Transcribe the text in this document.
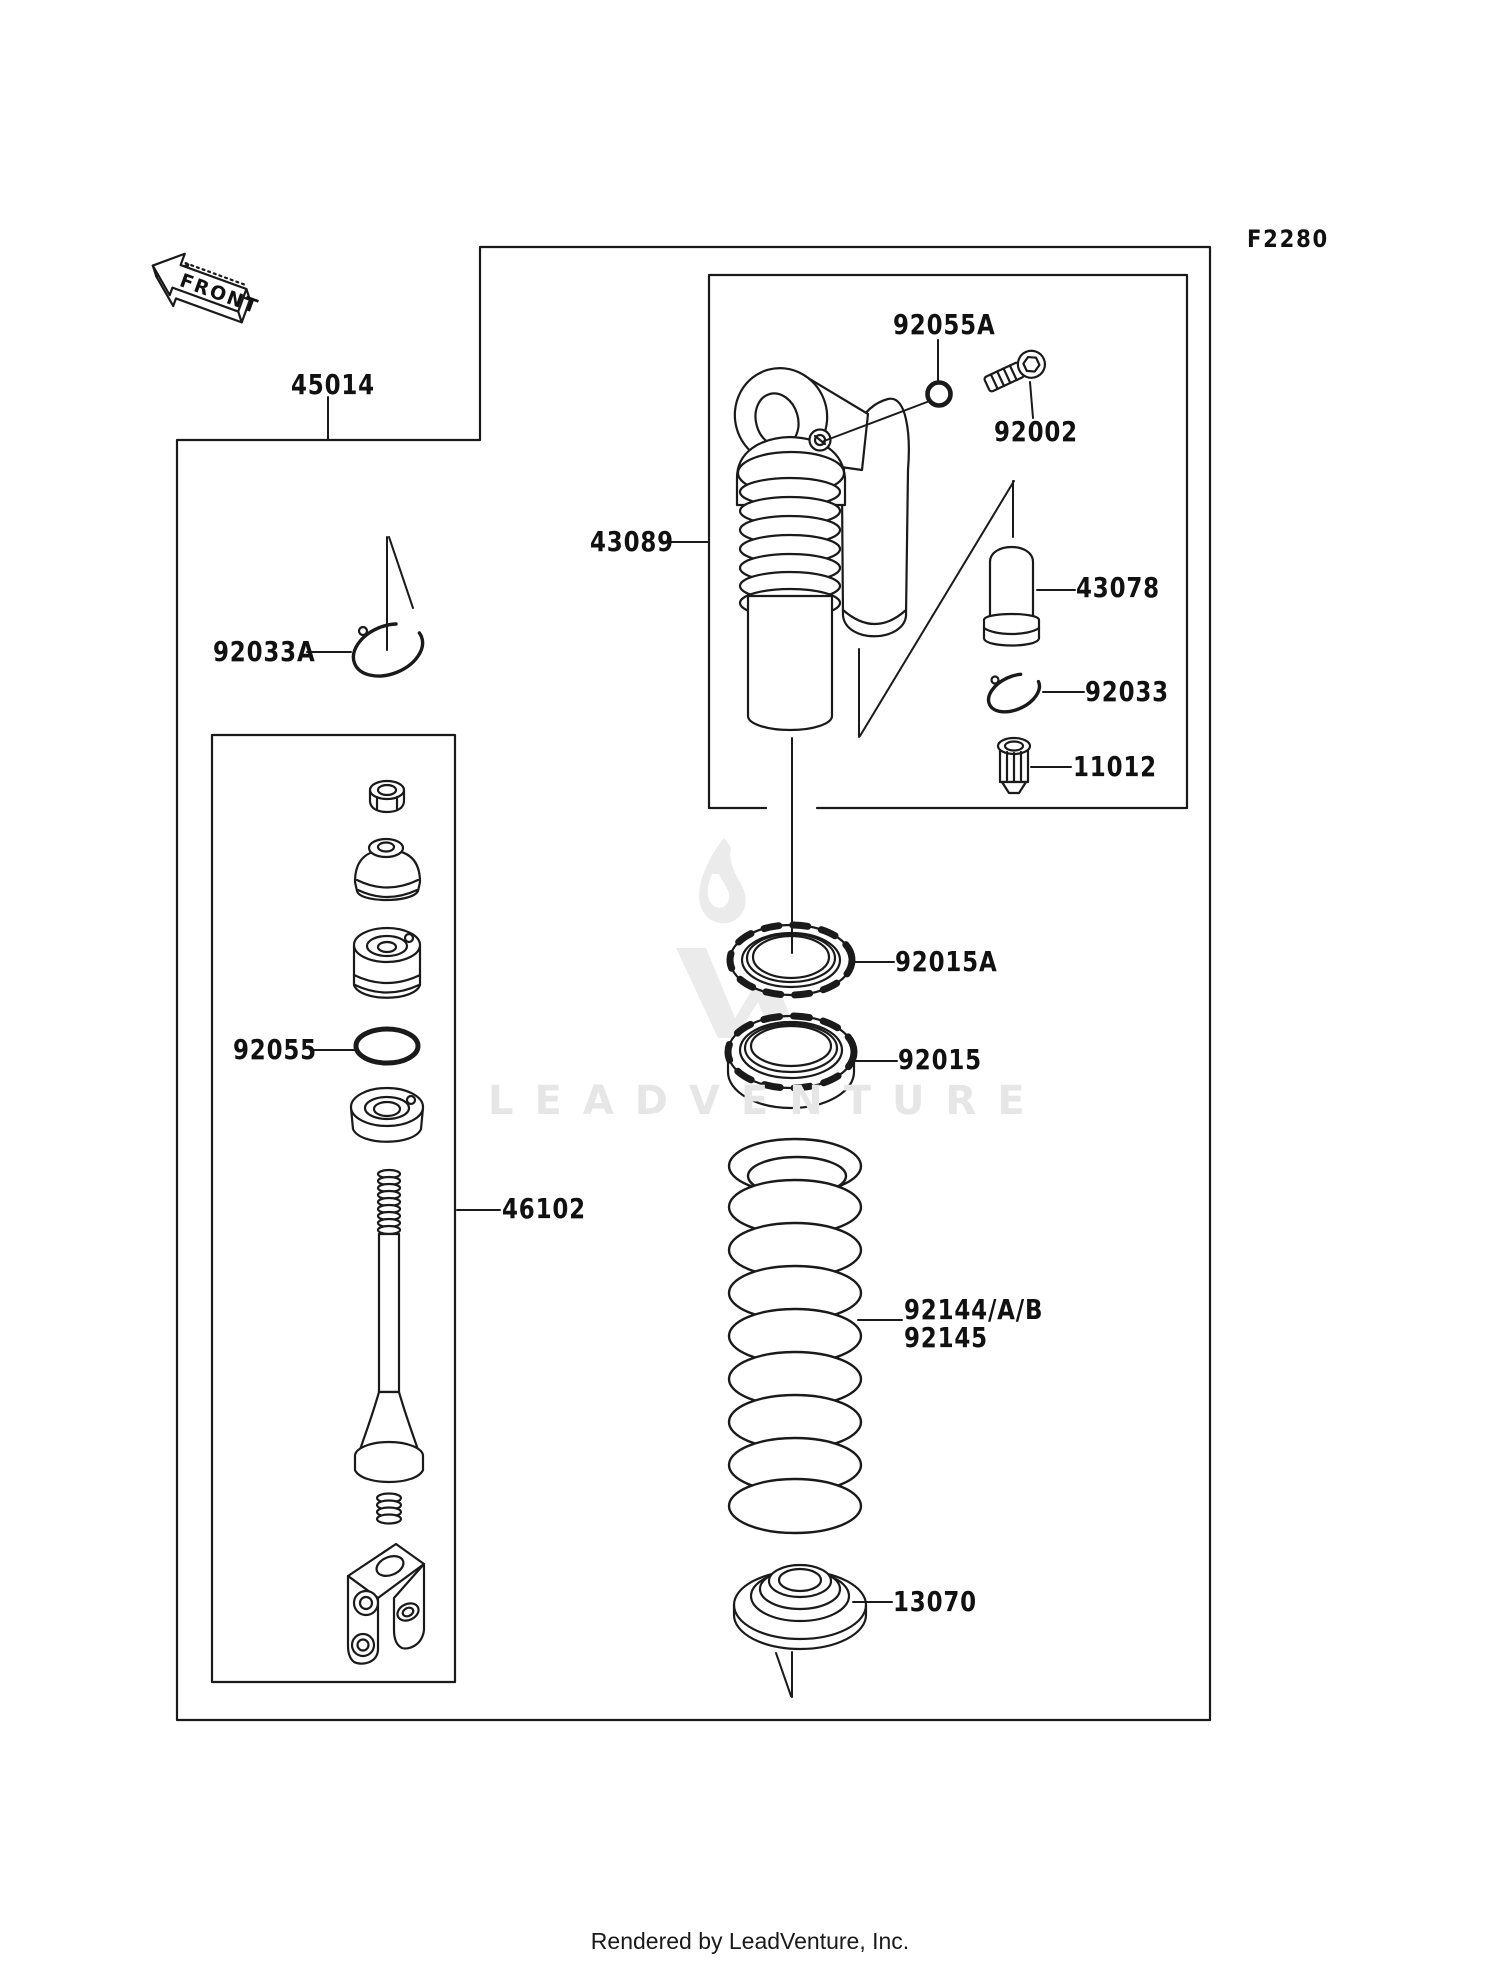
FRONT
F2280
45014
43089
92055A
92002
43078
92033
11012
92015A
92015
92144/A/B
92145
13070
92033A
92055
46102
LEADVENTURE
Rendered by LeadVenture, Inc.
